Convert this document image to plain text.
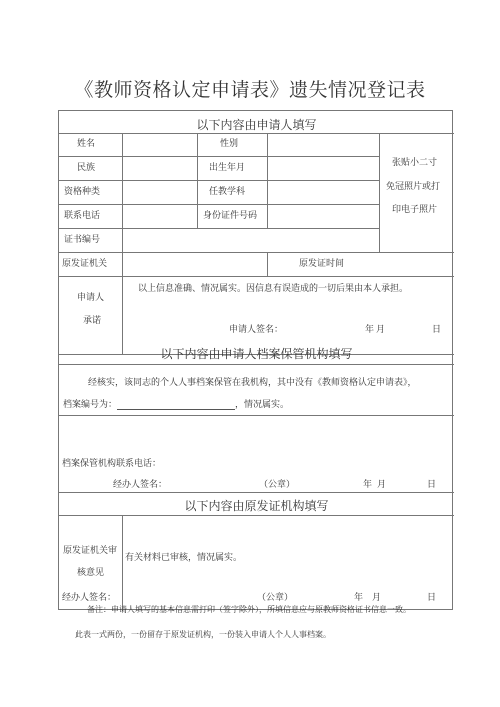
《教师资格认定申请表》遗失情况登记表
以下内容由申请人填写
姓名	性别
民族	出生年月
资格种类	任教学科
联系电话	身份证件号码
证书编号
原发证机关	原发证时间
张贴小二寸
免冠照片或打
印电子照片
申请人
承诺
以上信息准确、情况属实。因信息有误造成的一切后果由本人承担。
申请人签名：	年 月	日
以下内容由申请人档案保管机构填写
经核实，该同志的个人人事档案保管在我机构，其中没有《教师资格认定申请表》，
档案编号为：	，情况属实。
档案保管机构联系电话：
经办人签名：	（公章）	年 月	日
以下内容由原发证机构填写
原发证机关审
核意见
有关材料已审核，情况属实。
经办人签名：	（公章）	年 月	日
备注：申请人填写的基本信息需打印（签字除外），所填信息应与原教师资格证书信息一致。
此表一式两份，一份留存于原发证机构，一份装入申请人个人人事档案。
